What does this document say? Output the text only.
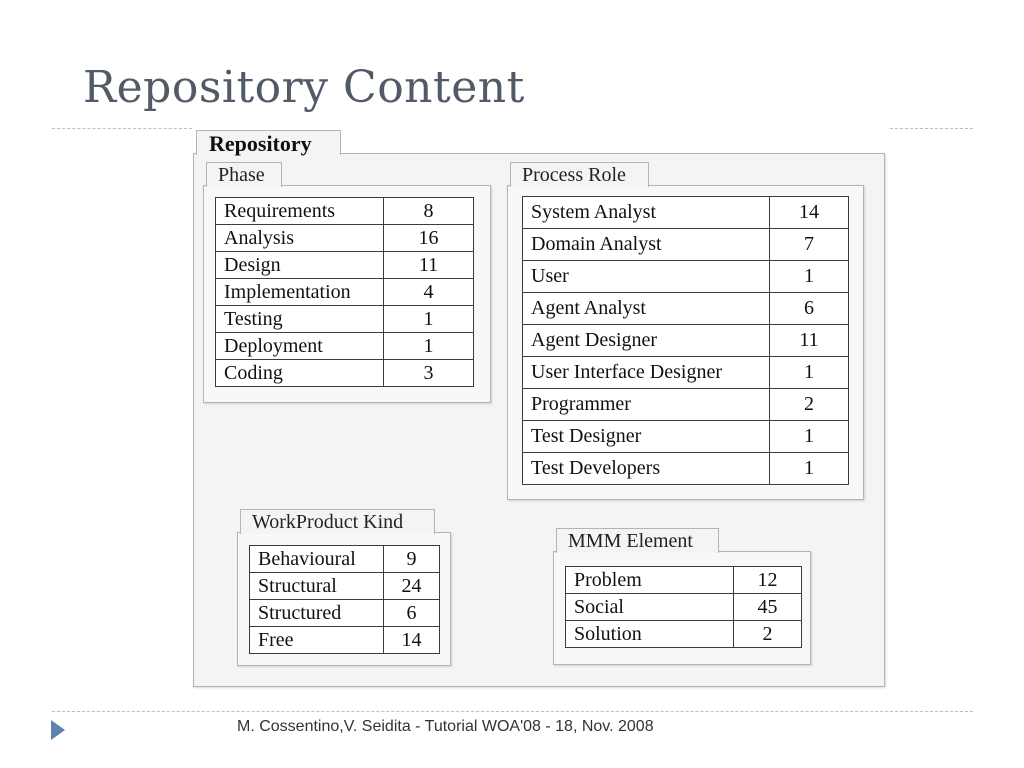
Repository Content
Repository
Phase
Requirements	8
Analysis	16
Design	11
Implementation	4
Testing	1
Deployment	1
Coding	3
Process Role
System Analyst	14
Domain Analyst	7
User	1
Agent Analyst	6
Agent Designer	11
User Interface Designer	1
Programmer	2
Test Designer	1
Test Developers	1
WorkProduct Kind
Behavioural	9
Structural	24
Structured	6
Free	14
MMM Element
Problem	12
Social	45
Solution	2
M. Cossentino,V. Seidita - Tutorial WOA'08 - 18, Nov. 2008
